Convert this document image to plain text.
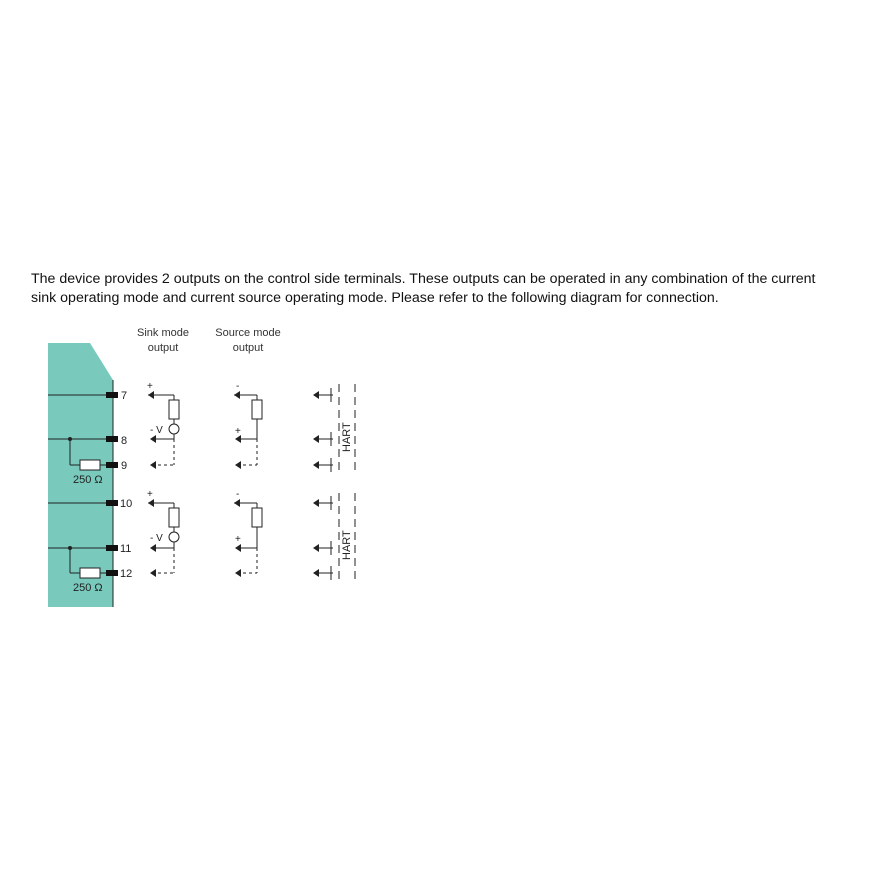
The device provides 2 outputs on the control side terminals. These outputs can be operated in any combination of the current

sink operating mode and current source operating mode. Please refer to the following diagram for connection.

Sink mode
output
Source mode
output
7
8
9
250 Ω
+
- V
-
+	HART
10
11
12
250 Ω
+
- V
-
+	HART
